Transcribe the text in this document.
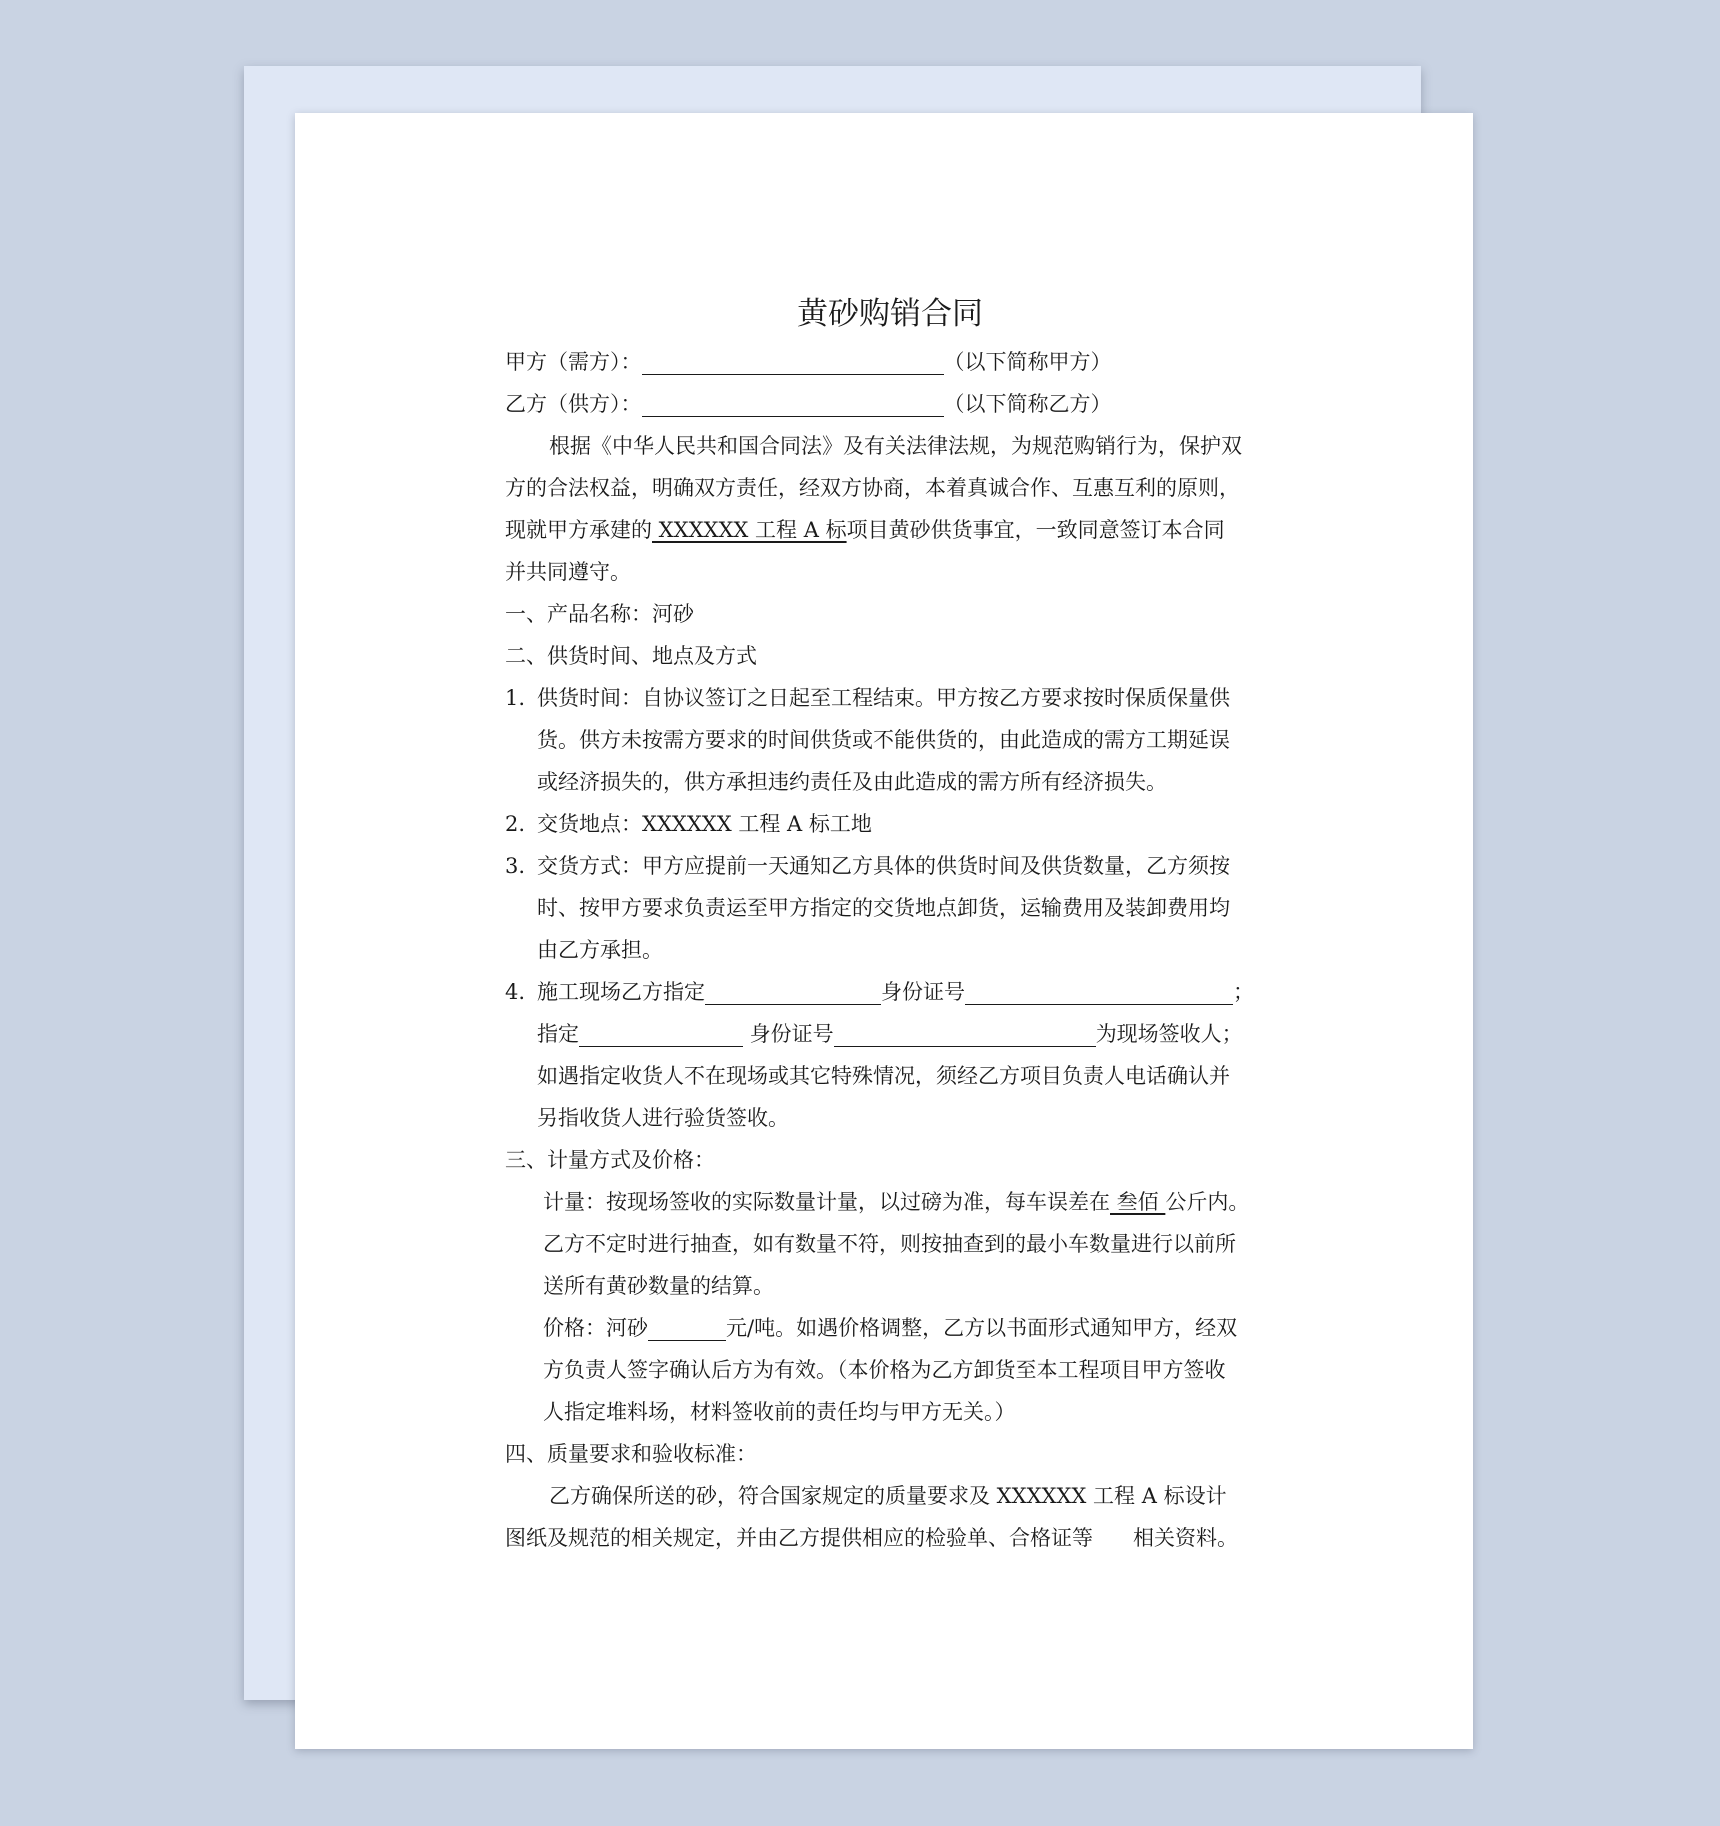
黄砂购销合同
甲方（需方）：	（以下简称甲方）
乙方（供方）：	（以下简称乙方）
根据《中华人民共和国合同法》及有关法律法规，为规范购销行为，保护双
方的合法权益，明确双方责任，经双方协商，本着真诚合作、互惠互利的原则，
现就甲方承建的 XXXXXX 工程 A 标项目黄砂供货事宜，一致同意签订本合同
并共同遵守。
一、产品名称：河砂
二、供货时间、地点及方式
1. 供货时间：自协议签订之日起至工程结束。甲方按乙方要求按时保质保量供
货。供方未按需方要求的时间供货或不能供货的，由此造成的需方工期延误
或经济损失的，供方承担违约责任及由此造成的需方所有经济损失。
2. 交货地点：XXXXXX 工程 A 标工地
3. 交货方式：甲方应提前一天通知乙方具体的供货时间及供货数量，乙方须按
时、按甲方要求负责运至甲方指定的交货地点卸货，运输费用及装卸费用均
由乙方承担。
4. 施工现场乙方指定	身份证号	；
指定	身份证号	为现场签收人；
如遇指定收货人不在现场或其它特殊情况，须经乙方项目负责人电话确认并
另指收货人进行验货签收。
三、计量方式及价格：
计量：按现场签收的实际数量计量，以过磅为准，每车误差在 叁佰 公斤内。
乙方不定时进行抽查，如有数量不符，则按抽查到的最小车数量进行以前所
送所有黄砂数量的结算。
价格：河砂	元/吨。如遇价格调整，乙方以书面形式通知甲方，经双
方负责人签字确认后方为有效。（本价格为乙方卸货至本工程项目甲方签收
人指定堆料场，材料签收前的责任均与甲方无关。）
四、质量要求和验收标准：
乙方确保所送的砂，符合国家规定的质量要求及 XXXXXX 工程 A 标设计
图纸及规范的相关规定，并由乙方提供相应的检验单、合格证等      相关资料。
